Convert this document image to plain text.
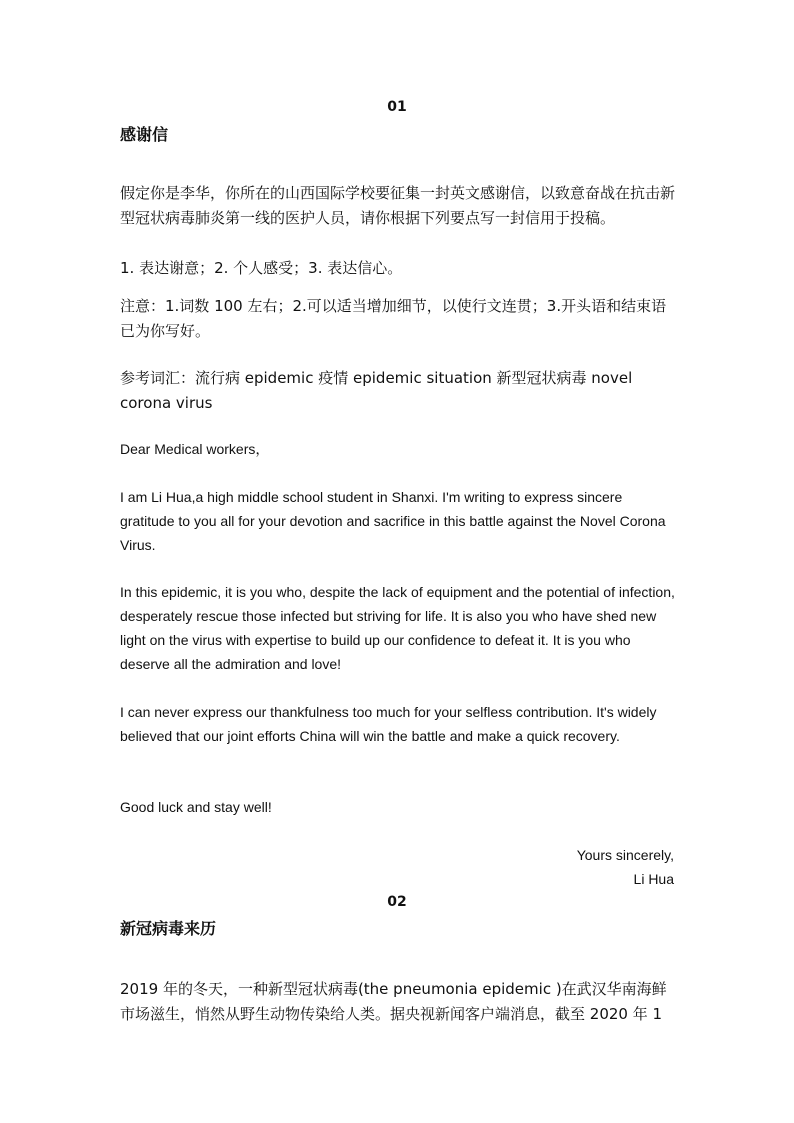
01
感谢信

假定你是李华，你所在的山西国际学校要征集一封英文感谢信，以致意奋战在抗击新型冠状病毒肺炎第一线的医护人员，请你根据下列要点写一封信用于投稿。

1. 表达谢意；2. 个人感受；3. 表达信心。

注意：1.词数 100 左右；2.可以适当增加细节，以使行文连贯；3.开头语和结束语已为你写好。

参考词汇：流行病 epidemic 疫情 epidemic situation 新型冠状病毒 novel corona virus

Dear Medical workers，

I am Li Hua,a high middle school student in Shanxi. I'm writing to express sincere gratitude to you all for your devotion and sacrifice in this battle against the Novel Corona Virus.

In this epidemic, it is you who, despite the lack of equipment and the potential of infection, desperately rescue those infected but striving for life. It is also you who have shed new light on the virus with expertise to build up our confidence to defeat it. It is you who deserve all the admiration and love!

I can never express our thankfulness too much for your selfless contribution. It's widely believed that our joint efforts China will win the battle and make a quick recovery.

Good luck and stay well!

Yours sincerely,
Li Hua
02
新冠病毒来历

2019 年的冬天，一种新型冠状病毒(the pneumonia epidemic )在武汉华南海鲜市场滋生，悄然从野生动物传染给人类。据央视新闻客户端消息，截至 2020 年 1
